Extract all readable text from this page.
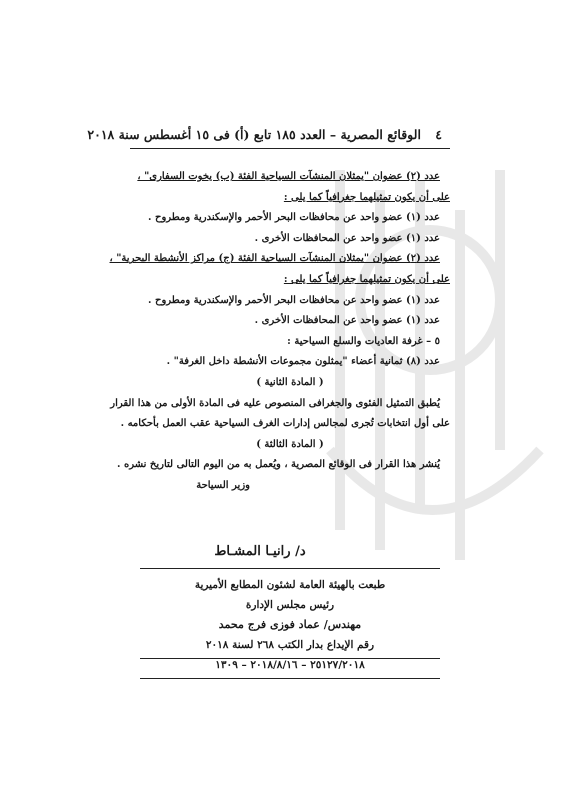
٤ الوقائع المصرية – العدد ١٨٥ تابع (أ) فى ١٥ أغسطس سنة ٢٠١٨
عدد (٢) عضوان "يمثلان المنشآت السياحية الفئة (ب) يخوت السفارى" ،
على أن يكون تمثيلهما جغرافياً كما يلى :
عدد (١) عضو واحد عن محافظات البحر الأحمر والإسكندرية ومطروح .
عدد (١) عضو واحد عن المحافظات الأخرى .
عدد (٢) عضوان "يمثلان المنشآت السياحية الفئة (ج) مراكز الأنشطة البحرية" ،
على أن يكون تمثيلهما جغرافياً كما يلى :
عدد (١) عضو واحد عن محافظات البحر الأحمر والإسكندرية ومطروح .
عدد (١) عضو واحد عن المحافظات الأخرى .
٥ – غرفة العاديات والسلع السياحية :
عدد (٨) ثمانية أعضاء "يمثلون مجموعات الأنشطة داخل الغرفة" .
( المادة الثانية )
يُطبق التمثيل الفئوى والجغرافى المنصوص عليه فى المادة الأولى من هذا القرار
على أول انتخابات تُجرى لمجالس إدارات الغرف السياحية عقب العمل بأحكامه .
( المادة الثالثة )
يُنشر هذا القرار فى الوقائع المصرية ، ويُعمل به من اليوم التالى لتاريخ نشره .
وزير السياحة
د/ رانيـا المشـاط
طبعت بالهيئة العامة لشئون المطابع الأميرية
رئيس مجلس الإدارة
مهندس/ عماد فوزى فرج محمد
رقم الإيداع بدار الكتب ٢٦٨ لسنة ٢٠١٨
٢٥١٢٧/٢٠١٨ – ٢٠١٨/٨/١٦ – ١٣٠٩
